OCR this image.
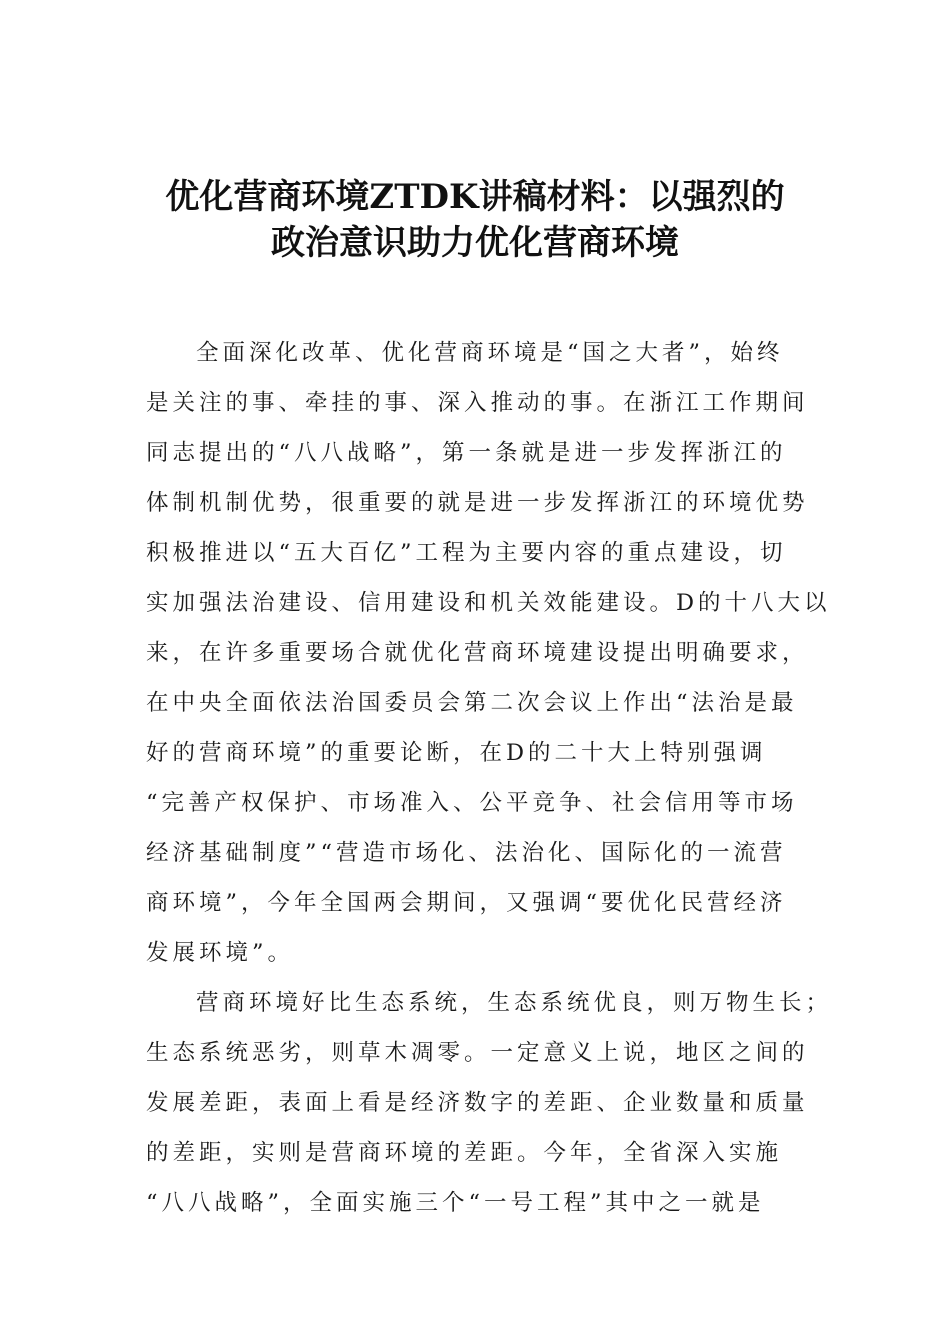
优化营商环境ZTDK讲稿材料：以强烈的
政治意识助力优化营商环境
全面深化改革、优化营商环境是“国之大者”，始终
是关注的事、牵挂的事、深入推动的事。在浙江工作期间
同志提出的“八八战略”，第一条就是进一步发挥浙江的
体制机制优势，很重要的就是进一步发挥浙江的环境优势
积极推进以“五大百亿”工程为主要内容的重点建设，切
实加强法治建设、信用建设和机关效能建设。D的十八大以
来，在许多重要场合就优化营商环境建设提出明确要求，
在中央全面依法治国委员会第二次会议上作出“法治是最
好的营商环境”的重要论断，在D的二十大上特别强调
“完善产权保护、市场准入、公平竞争、社会信用等市场
经济基础制度”“营造市场化、法治化、国际化的一流营
商环境”，今年全国两会期间，又强调“要优化民营经济
发展环境”。
营商环境好比生态系统，生态系统优良，则万物生长；
生态系统恶劣，则草木凋零。一定意义上说，地区之间的
发展差距，表面上看是经济数字的差距、企业数量和质量
的差距，实则是营商环境的差距。今年，全省深入实施
“八八战略”，全面实施三个“一号工程”其中之一就是
